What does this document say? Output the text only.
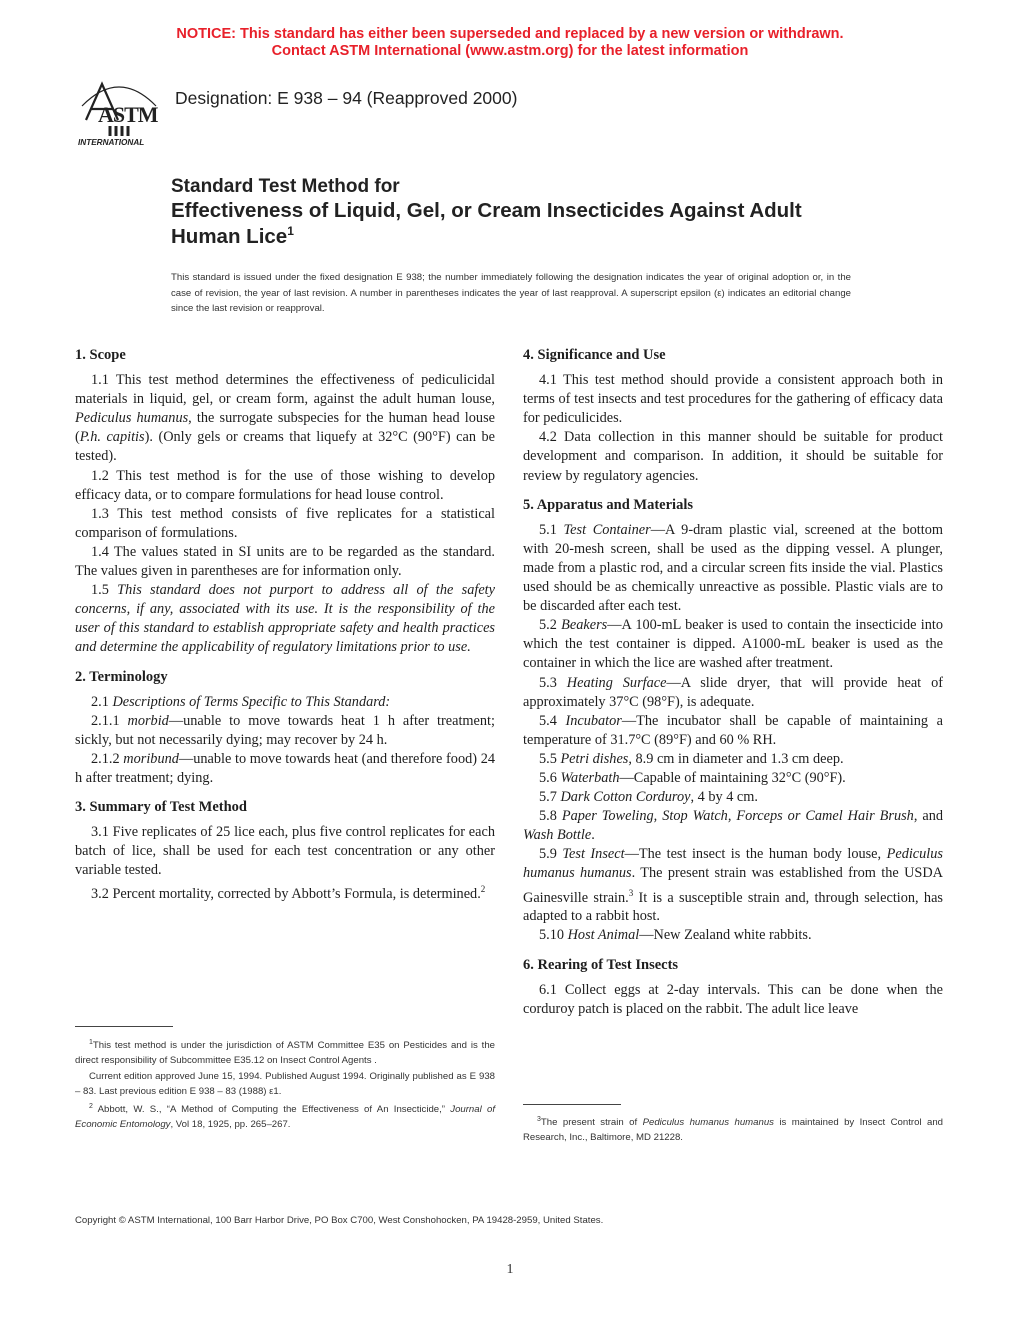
NOTICE: This standard has either been superseded and replaced by a new version or withdrawn.
Contact ASTM International (www.astm.org) for the latest information
ASTM
INTERNATIONAL
Designation: E 938 – 94 (Reapproved 2000)
Standard Test Method for
Effectiveness of Liquid, Gel, or Cream Insecticides Against Adult Human Lice$^1$
This standard is issued under the fixed designation E 938; the number immediately following the designation indicates the year of original adoption or, in the case of revision, the year of last revision. A number in parentheses indicates the year of last reapproval. A superscript epsilon (ε) indicates an editorial change since the last revision or reapproval.
1. Scope
1.1 This test method determines the effectiveness of pediculicidal materials in liquid, gel, or cream form, against the adult human louse, Pediculus humanus, the surrogate subspecies for the human head louse (P.h. capitis). (Only gels or creams that liquefy at 32°C (90°F) can be tested).
1.2 This test method is for the use of those wishing to develop efficacy data, or to compare formulations for head louse control.
1.3 This test method consists of five replicates for a statistical comparison of formulations.
1.4 The values stated in SI units are to be regarded as the standard. The values given in parentheses are for information only.
1.5 This standard does not purport to address all of the safety concerns, if any, associated with its use. It is the responsibility of the user of this standard to establish appropriate safety and health practices and determine the applicability of regulatory limitations prior to use.
2. Terminology
2.1 Descriptions of Terms Specific to This Standard:
2.1.1 morbid—unable to move towards heat 1 h after treatment; sickly, but not necessarily dying; may recover by 24 h.
2.1.2 moribund—unable to move towards heat (and therefore food) 24 h after treatment; dying.
3. Summary of Test Method
3.1 Five replicates of 25 lice each, plus five control replicates for each batch of lice, shall be used for each test concentration or any other variable tested.
3.2 Percent mortality, corrected by Abbott’s Formula, is determined.$^2$
$^1$This test method is under the jurisdiction of ASTM Committee E35 on Pesticides and is the direct responsibility of Subcommittee E35.12 on Insect Control Agents .
Current edition approved June 15, 1994. Published August 1994. Originally published as E 938 – 83. Last previous edition E 938 – 83 (1988) ε1.
$^2$ Abbott, W. S., “A Method of Computing the Effectiveness of An Insecticide,” Journal of Economic Entomology, Vol 18, 1925, pp. 265–267.
4. Significance and Use
4.1 This test method should provide a consistent approach both in terms of test insects and test procedures for the gathering of efficacy data for pediculicides.
4.2 Data collection in this manner should be suitable for product development and comparison. In addition, it should be suitable for review by regulatory agencies.
5. Apparatus and Materials
5.1 Test Container—A 9-dram plastic vial, screened at the bottom with 20-mesh screen, shall be used as the dipping vessel. A plunger, made from a plastic rod, and a circular screen fits inside the vial. Plastics used should be as chemically unreactive as possible. Plastic vials are to be discarded after each test.
5.2 Beakers—A 100-mL beaker is used to contain the insecticide into which the test container is dipped. A1000-mL beaker is used as the container in which the lice are washed after treatment.
5.3 Heating Surface—A slide dryer, that will provide heat of approximately 37°C (98°F), is adequate.
5.4 Incubator—The incubator shall be capable of maintaining a temperature of 31.7°C (89°F) and 60 % RH.
5.5 Petri dishes, 8.9 cm in diameter and 1.3 cm deep.
5.6 Waterbath—Capable of maintaining 32°C (90°F).
5.7 Dark Cotton Corduroy, 4 by 4 cm.
5.8 Paper Toweling, Stop Watch, Forceps or Camel Hair Brush, and Wash Bottle.
5.9 Test Insect—The test insect is the human body louse, Pediculus humanus humanus. The present strain was established from the USDA Gainesville strain.$^3$ It is a susceptible strain and, through selection, has adapted to a rabbit host.
5.10 Host Animal—New Zealand white rabbits.
6. Rearing of Test Insects
6.1 Collect eggs at 2-day intervals. This can be done when the corduroy patch is placed on the rabbit. The adult lice leave
$^3$The present strain of Pediculus humanus humanus is maintained by Insect Control and Research, Inc., Baltimore, MD 21228.
Copyright © ASTM International, 100 Barr Harbor Drive, PO Box C700, West Conshohocken, PA 19428-2959, United States.
1
